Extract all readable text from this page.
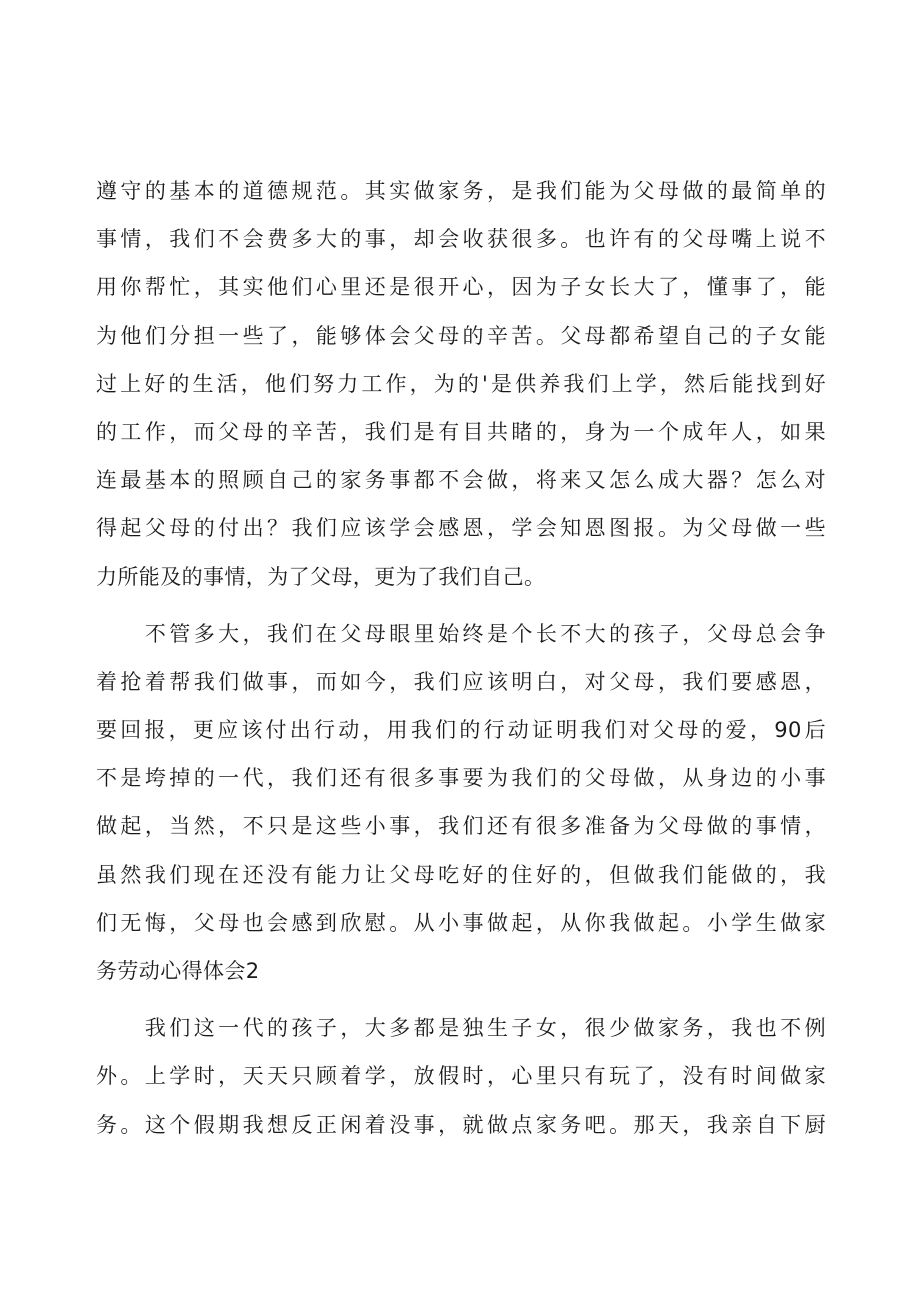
遵守的基本的道德规范。其实做家务，是我们能为父母做的最简单的
事情，我们不会费多大的事，却会收获很多。也许有的父母嘴上说不
用你帮忙，其实他们心里还是很开心，因为子女长大了，懂事了，能
为他们分担一些了，能够体会父母的辛苦。父母都希望自己的子女能
过上好的生活，他们努力工作，为的'是供养我们上学，然后能找到好
的工作，而父母的辛苦，我们是有目共睹的，身为一个成年人，如果
连最基本的照顾自己的家务事都不会做，将来又怎么成大器？怎么对
得起父母的付出？我们应该学会感恩，学会知恩图报。为父母做一些
力所能及的事情，为了父母，更为了我们自己。
　　不管多大，我们在父母眼里始终是个长不大的孩子，父母总会争
着抢着帮我们做事，而如今，我们应该明白，对父母，我们要感恩，
要回报，更应该付出行动，用我们的行动证明我们对父母的爱，90后
不是垮掉的一代，我们还有很多事要为我们的父母做，从身边的小事
做起，当然，不只是这些小事，我们还有很多准备为父母做的事情，
虽然我们现在还没有能力让父母吃好的住好的，但做我们能做的，我
们无悔，父母也会感到欣慰。从小事做起，从你我做起。小学生做家
务劳动心得体会2
　　我们这一代的孩子，大多都是独生子女，很少做家务，我也不例
外。上学时，天天只顾着学，放假时，心里只有玩了，没有时间做家
务。这个假期我想反正闲着没事，就做点家务吧。那天，我亲自下厨
